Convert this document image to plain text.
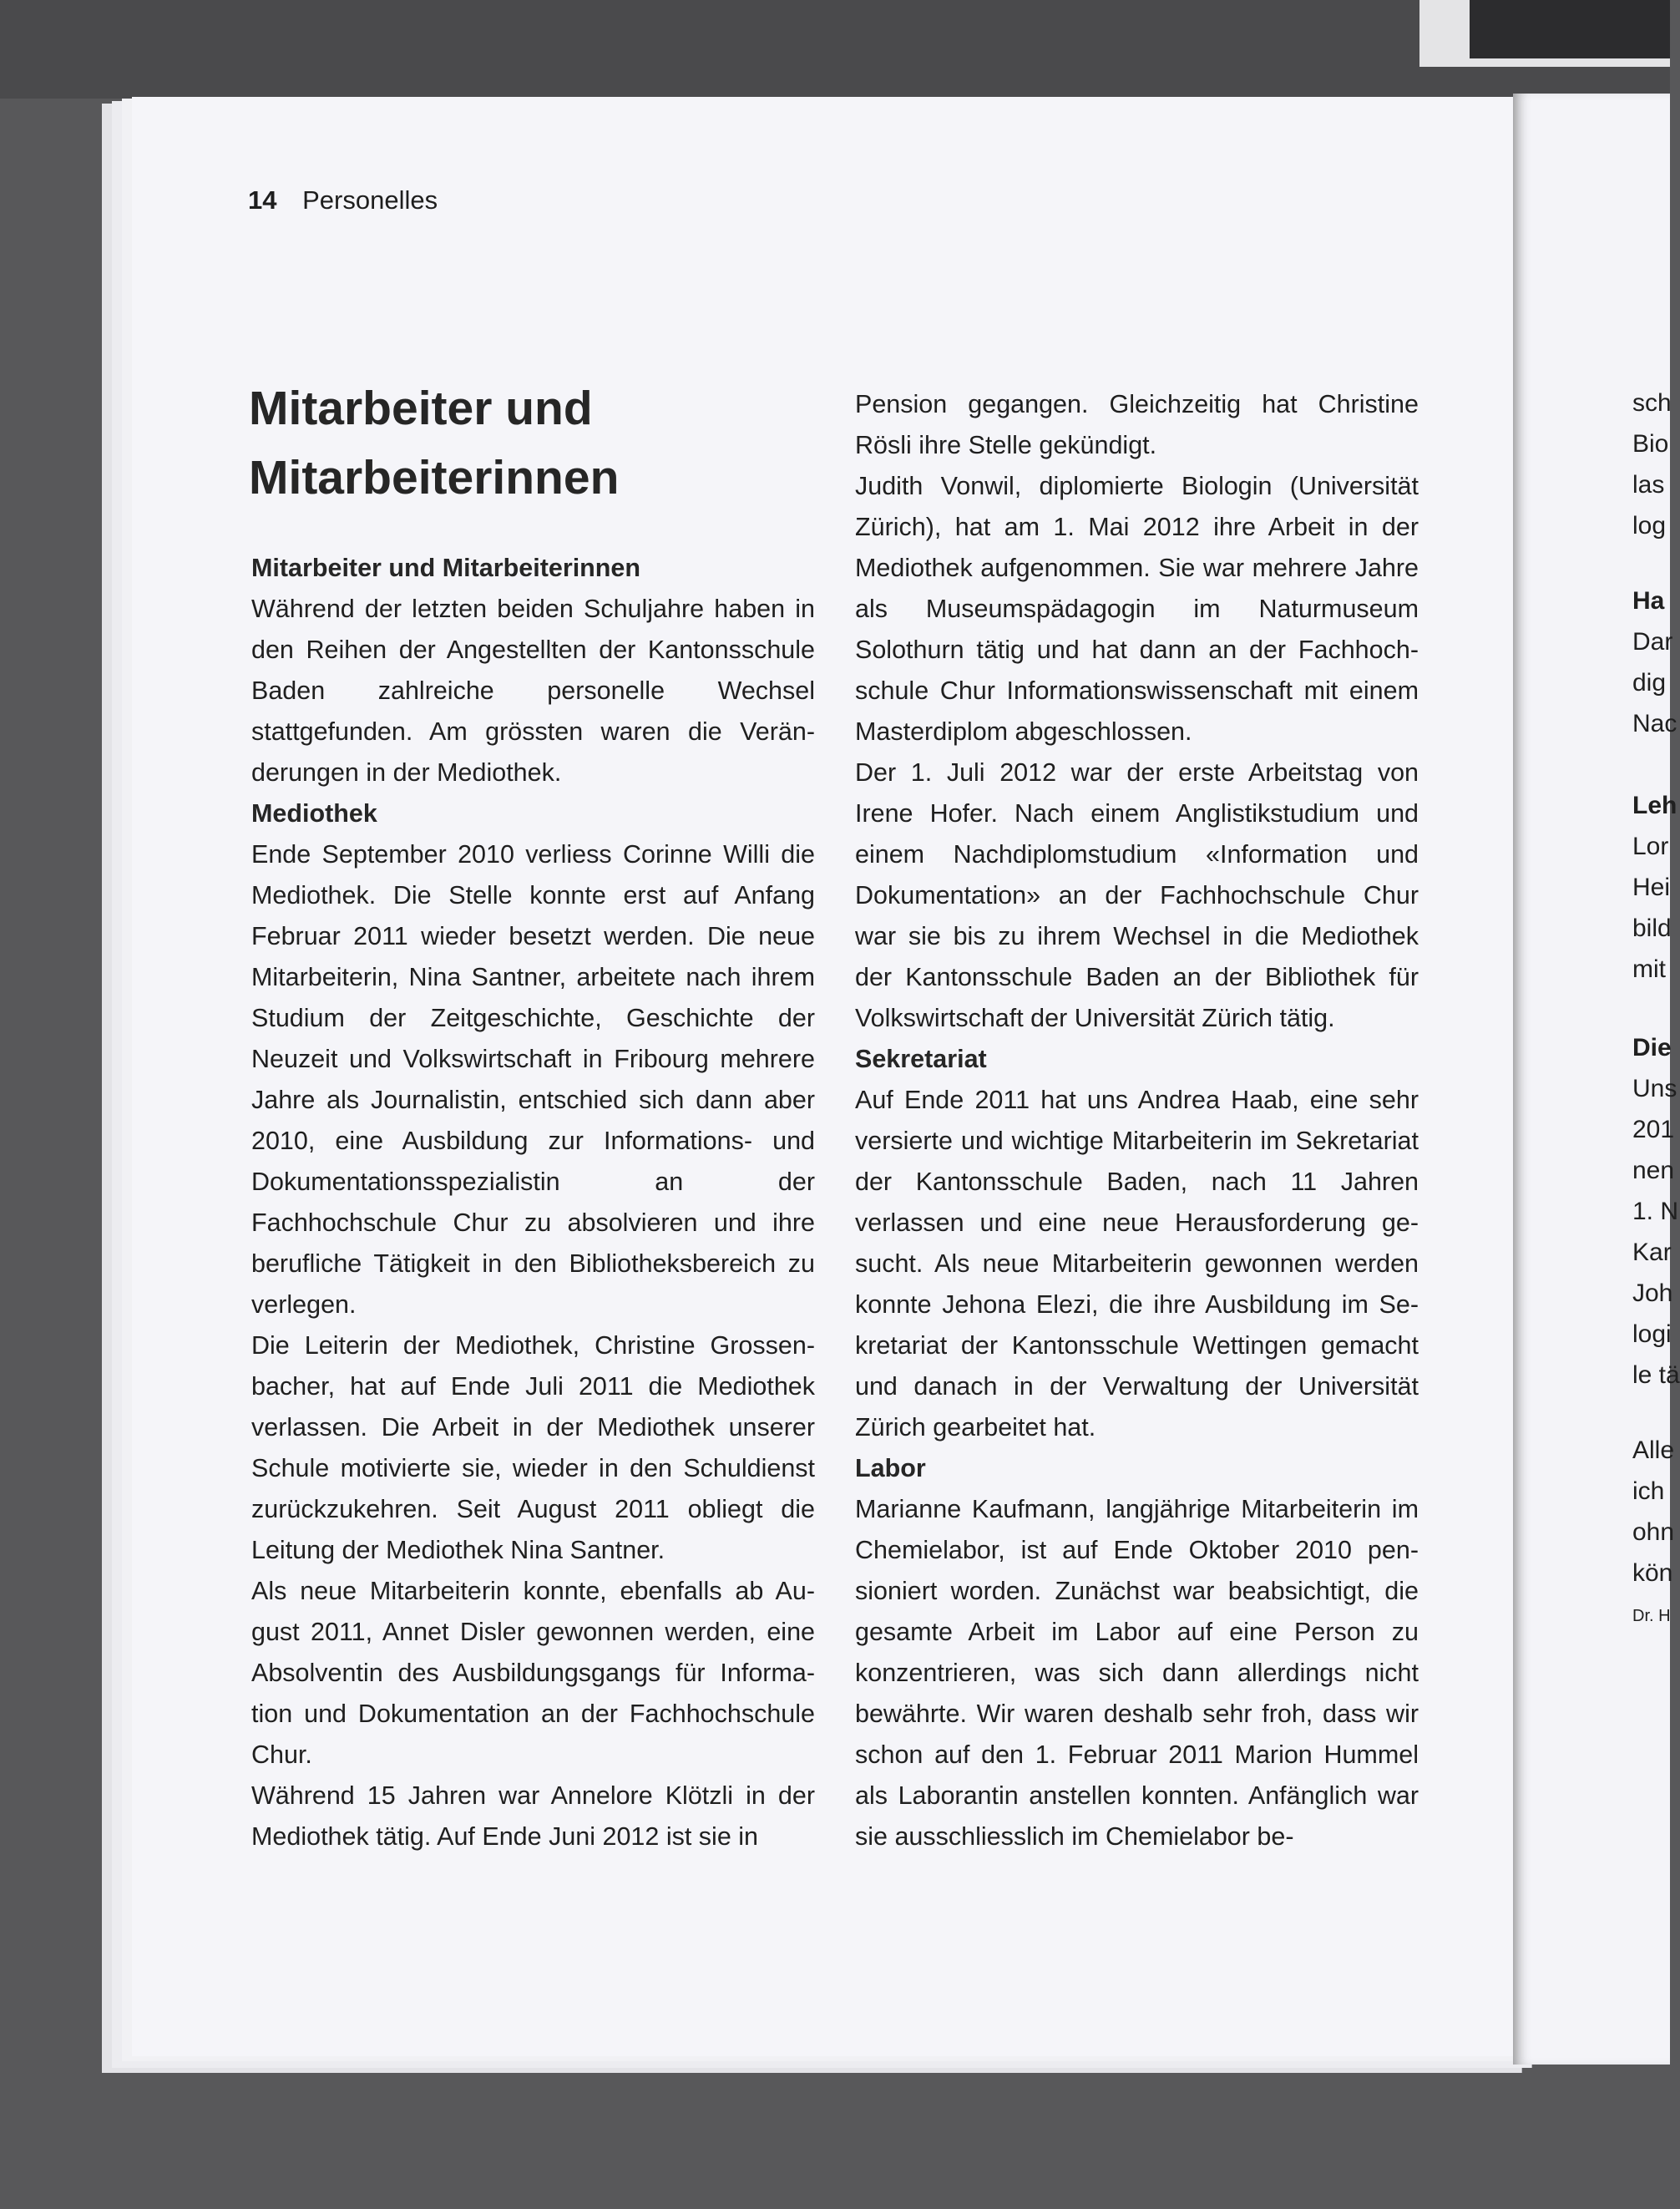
14 Personelles
Mitarbeiter und
Mitarbeiterinnen
Mitarbeiter und Mitarbeiterinnen

Während der letzten beiden Schuljahre haben in den Reihen der Angestellten der Kantonsschule Baden zahlreiche personelle Wechsel stattgefunden. Am grössten waren die Veränderungen in der Mediothek.

Mediothek

Ende September 2010 verliess Corinne Willi die Mediothek. Die Stelle konnte erst auf Anfang Februar 2011 wieder besetzt werden. Die neue Mitarbeiterin, Nina Santner, arbeitete nach ihrem Studium der Zeitgeschichte, Geschichte der Neuzeit und Volkswirtschaft in Fribourg mehrere Jahre als Journalistin, entschied sich dann aber 2010, eine Ausbildung zur Informations- und Dokumentationsspezialistin an der Fachhochschule Chur zu absolvieren und ihre berufliche Tätigkeit in den Bibliotheksbereich zu verlegen.

Die Leiterin der Mediothek, Christine Grossenbacher, hat auf Ende Juli 2011 die Mediothek verlassen. Die Arbeit in der Mediothek unserer Schule motivierte sie, wieder in den Schuldienst zurückzukehren. Seit August 2011 obliegt die Leitung der Mediothek Nina Santner.

Als neue Mitarbeiterin konnte, ebenfalls ab August 2011, Annet Disler gewonnen werden, eine Absolventin des Ausbildungsgangs für Information und Dokumentation an der Fachhochschule Chur.

Während 15 Jahren war Annelore Klötzli in der Mediothek tätig. Auf Ende Juni 2012 ist sie in

Pension gegangen. Gleichzeitig hat Christine Rösli ihre Stelle gekündigt.

Judith Vonwil, diplomierte Biologin (Universität Zürich), hat am 1. Mai 2012 ihre Arbeit in der Mediothek aufgenommen. Sie war mehrere Jahre als Museumspädagogin im Naturmuseum Solothurn tätig und hat dann an der Fachhochschule Chur Informationswissenschaft mit einem Masterdiplom abgeschlossen.

Der 1. Juli 2012 war der erste Arbeitstag von Irene Hofer. Nach einem Anglistikstudium und einem Nachdiplomstudium «Information und Dokumentation» an der Fachhochschule Chur war sie bis zu ihrem Wechsel in die Mediothek der Kantonsschule Baden an der Bibliothek für Volkswirtschaft der Universität Zürich tätig.

Sekretariat

Auf Ende 2011 hat uns Andrea Haab, eine sehr versierte und wichtige Mitarbeiterin im Sekretariat der Kantonsschule Baden, nach 11 Jahren verlassen und eine neue Herausforderung gesucht. Als neue Mitarbeiterin gewonnen werden konnte Jehona Elezi, die ihre Ausbildung im Sekretariat der Kantonsschule Wettingen gemacht und danach in der Verwaltung der Universität Zürich gearbeitet hat.

Labor

Marianne Kaufmann, langjährige Mitarbeiterin im Chemielabor, ist auf Ende Oktober 2010 pensioniert worden. Zunächst war beabsichtigt, die gesamte Arbeit im Labor auf eine Person zu konzentrieren, was sich dann allerdings nicht bewährte. Wir waren deshalb sehr froh, dass wir schon auf den 1. Februar 2011 Marion Hummel als Laborantin anstellen konnten. Anfänglich war sie ausschliesslich im Chemielabor be-

sch
Bio
las
log
Ha
Dar
dig
Nac
Leh
Lor
Hei
bild
mit
Die
Uns
201
nen
1. N
Kar
Joh
logi
le tä
Alle
ich
ohn
kön
Dr. H
